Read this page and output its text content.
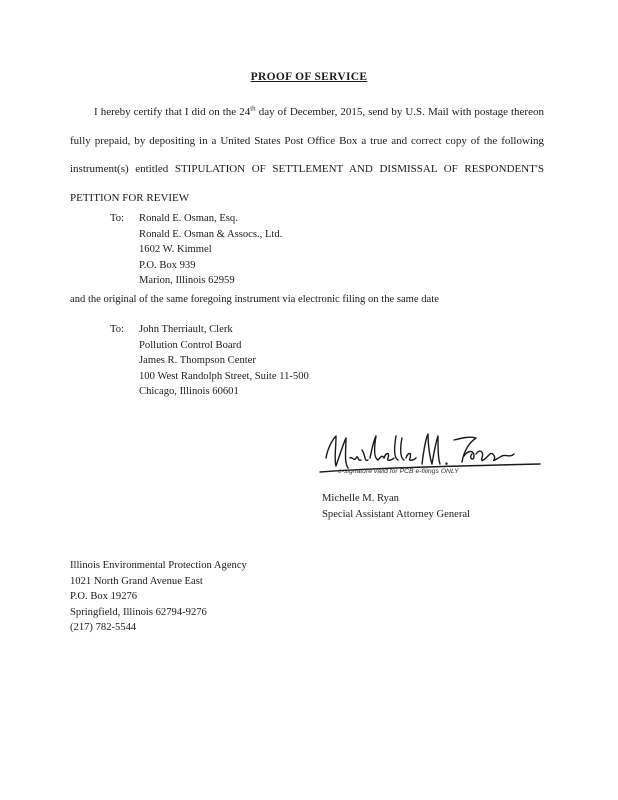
PROOF OF SERVICE
I hereby certify that I did on the 24th day of December, 2015, send by U.S. Mail with postage thereon fully prepaid, by depositing in a United States Post Office Box a true and correct copy of the following instrument(s) entitled STIPULATION OF SETTLEMENT AND DISMISSAL OF RESPONDENT'S PETITION FOR REVIEW
To: Ronald E. Osman, Esq.
Ronald E. Osman & Assocs., Ltd.
1602 W. Kimmel
P.O. Box 939
Marion, Illinois 62959
and the original of the same foregoing instrument via electronic filing on the same date
To: John Therriault, Clerk
Pollution Control Board
James R. Thompson Center
100 West Randolph Street, Suite 11-500
Chicago, Illinois 60601
e-signature valid for PCB e-filings ONLY
Michelle M. Ryan
Special Assistant Attorney General
Illinois Environmental Protection Agency
1021 North Grand Avenue East
P.O. Box 19276
Springfield, Illinois 62794-9276
(217) 782-5544
